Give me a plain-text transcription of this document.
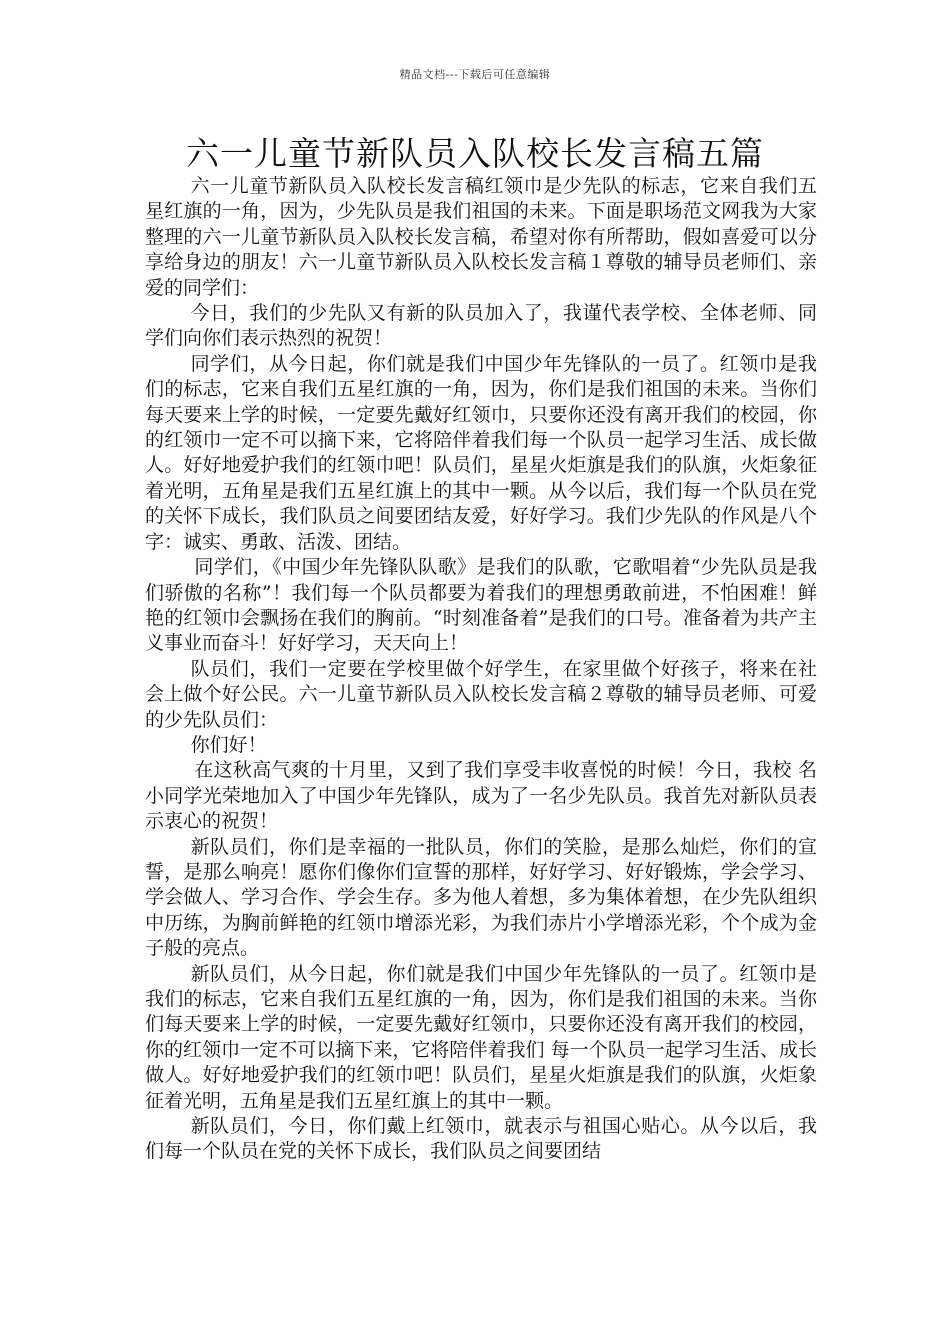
精品文档---下载后可任意编辑
六一儿童节新队员入队校长发言稿五篇

六一儿童节新队员入队校长发言稿红领巾是少先队的标志，它来自我们五星红旗的一角，因为，少先队员是我们祖国的未来。下面是职场范文网我为大家整理的六一儿童节新队员入队校长发言稿，希望对你有所帮助，假如喜爱可以分享给身边的朋友！六一儿童节新队员入队校长发言稿１尊敬的辅导员老师们、亲爱的同学们：

今日，我们的少先队又有新的队员加入了，我谨代表学校、全体老师、同学们向你们表示热烈的祝贺！

同学们，从今日起，你们就是我们中国少年先锋队的一员了。红领巾是我们的标志，它来自我们五星红旗的一角，因为，你们是我们祖国的未来。当你们每天要来上学的时候，一定要先戴好红领巾，只要你还没有离开我们的校园，你的红领巾一定不可以摘下来，它将陪伴着我们每一个队员一起学习生活、成长做人。好好地爱护我们的红领巾吧！队员们，星星火炬旗是我们的队旗，火炬象征着光明，五角星是我们五星红旗上的其中一颗。从今以后，我们每一个队员在党的关怀下成长，我们队员之间要团结友爱，好好学习。我们少先队的作风是八个字：诚实、勇敢、活泼、团结。

同学们，《中国少年先锋队队歌》是我们的队歌，它歌唱着“少先队员是我们骄傲的名称”！我们每一个队员都要为着我们的理想勇敢前进，不怕困难！鲜艳的红领巾会飘扬在我们的胸前。“时刻准备着”是我们的口号。准备着为共产主义事业而奋斗！好好学习，天天向上！

队员们，我们一定要在学校里做个好学生，在家里做个好孩子，将来在社会上做个好公民。六一儿童节新队员入队校长发言稿２尊敬的辅导员老师、可爱的少先队员们：

你们好！

在这秋高气爽的十月里，又到了我们享受丰收喜悦的时候！今日，我校 名小同学光荣地加入了中国少年先锋队，成为了一名少先队员。我首先对新队员表示衷心的祝贺！

新队员们，你们是幸福的一批队员，你们的笑脸，是那么灿烂，你们的宣誓，是那么响亮！愿你们像你们宣誓的那样，好好学习、好好锻炼，学会学习、学会做人、学习合作、学会生存。多为他人着想，多为集体着想，在少先队组织中历练，为胸前鲜艳的红领巾增添光彩，为我们赤片小学增添光彩，个个成为金子般的亮点。

新队员们，从今日起，你们就是我们中国少年先锋队的一员了。红领巾是我们的标志，它来自我们五星红旗的一角，因为，你们是我们祖国的未来。当你们每天要来上学的时候，一定要先戴好红领巾，只要你还没有离开我们的校园，你的红领巾一定不可以摘下来，它将陪伴着我们 每一个队员一起学习生活、成长做人。好好地爱护我们的红领巾吧！队员们，星星火炬旗是我们的队旗，火炬象征着光明，五角星是我们五星红旗上的其中一颗。

新队员们，今日，你们戴上红领巾，就表示与祖国心贴心。从今以后，我们每一个队员在党的关怀下成长，我们队员之间要团结
